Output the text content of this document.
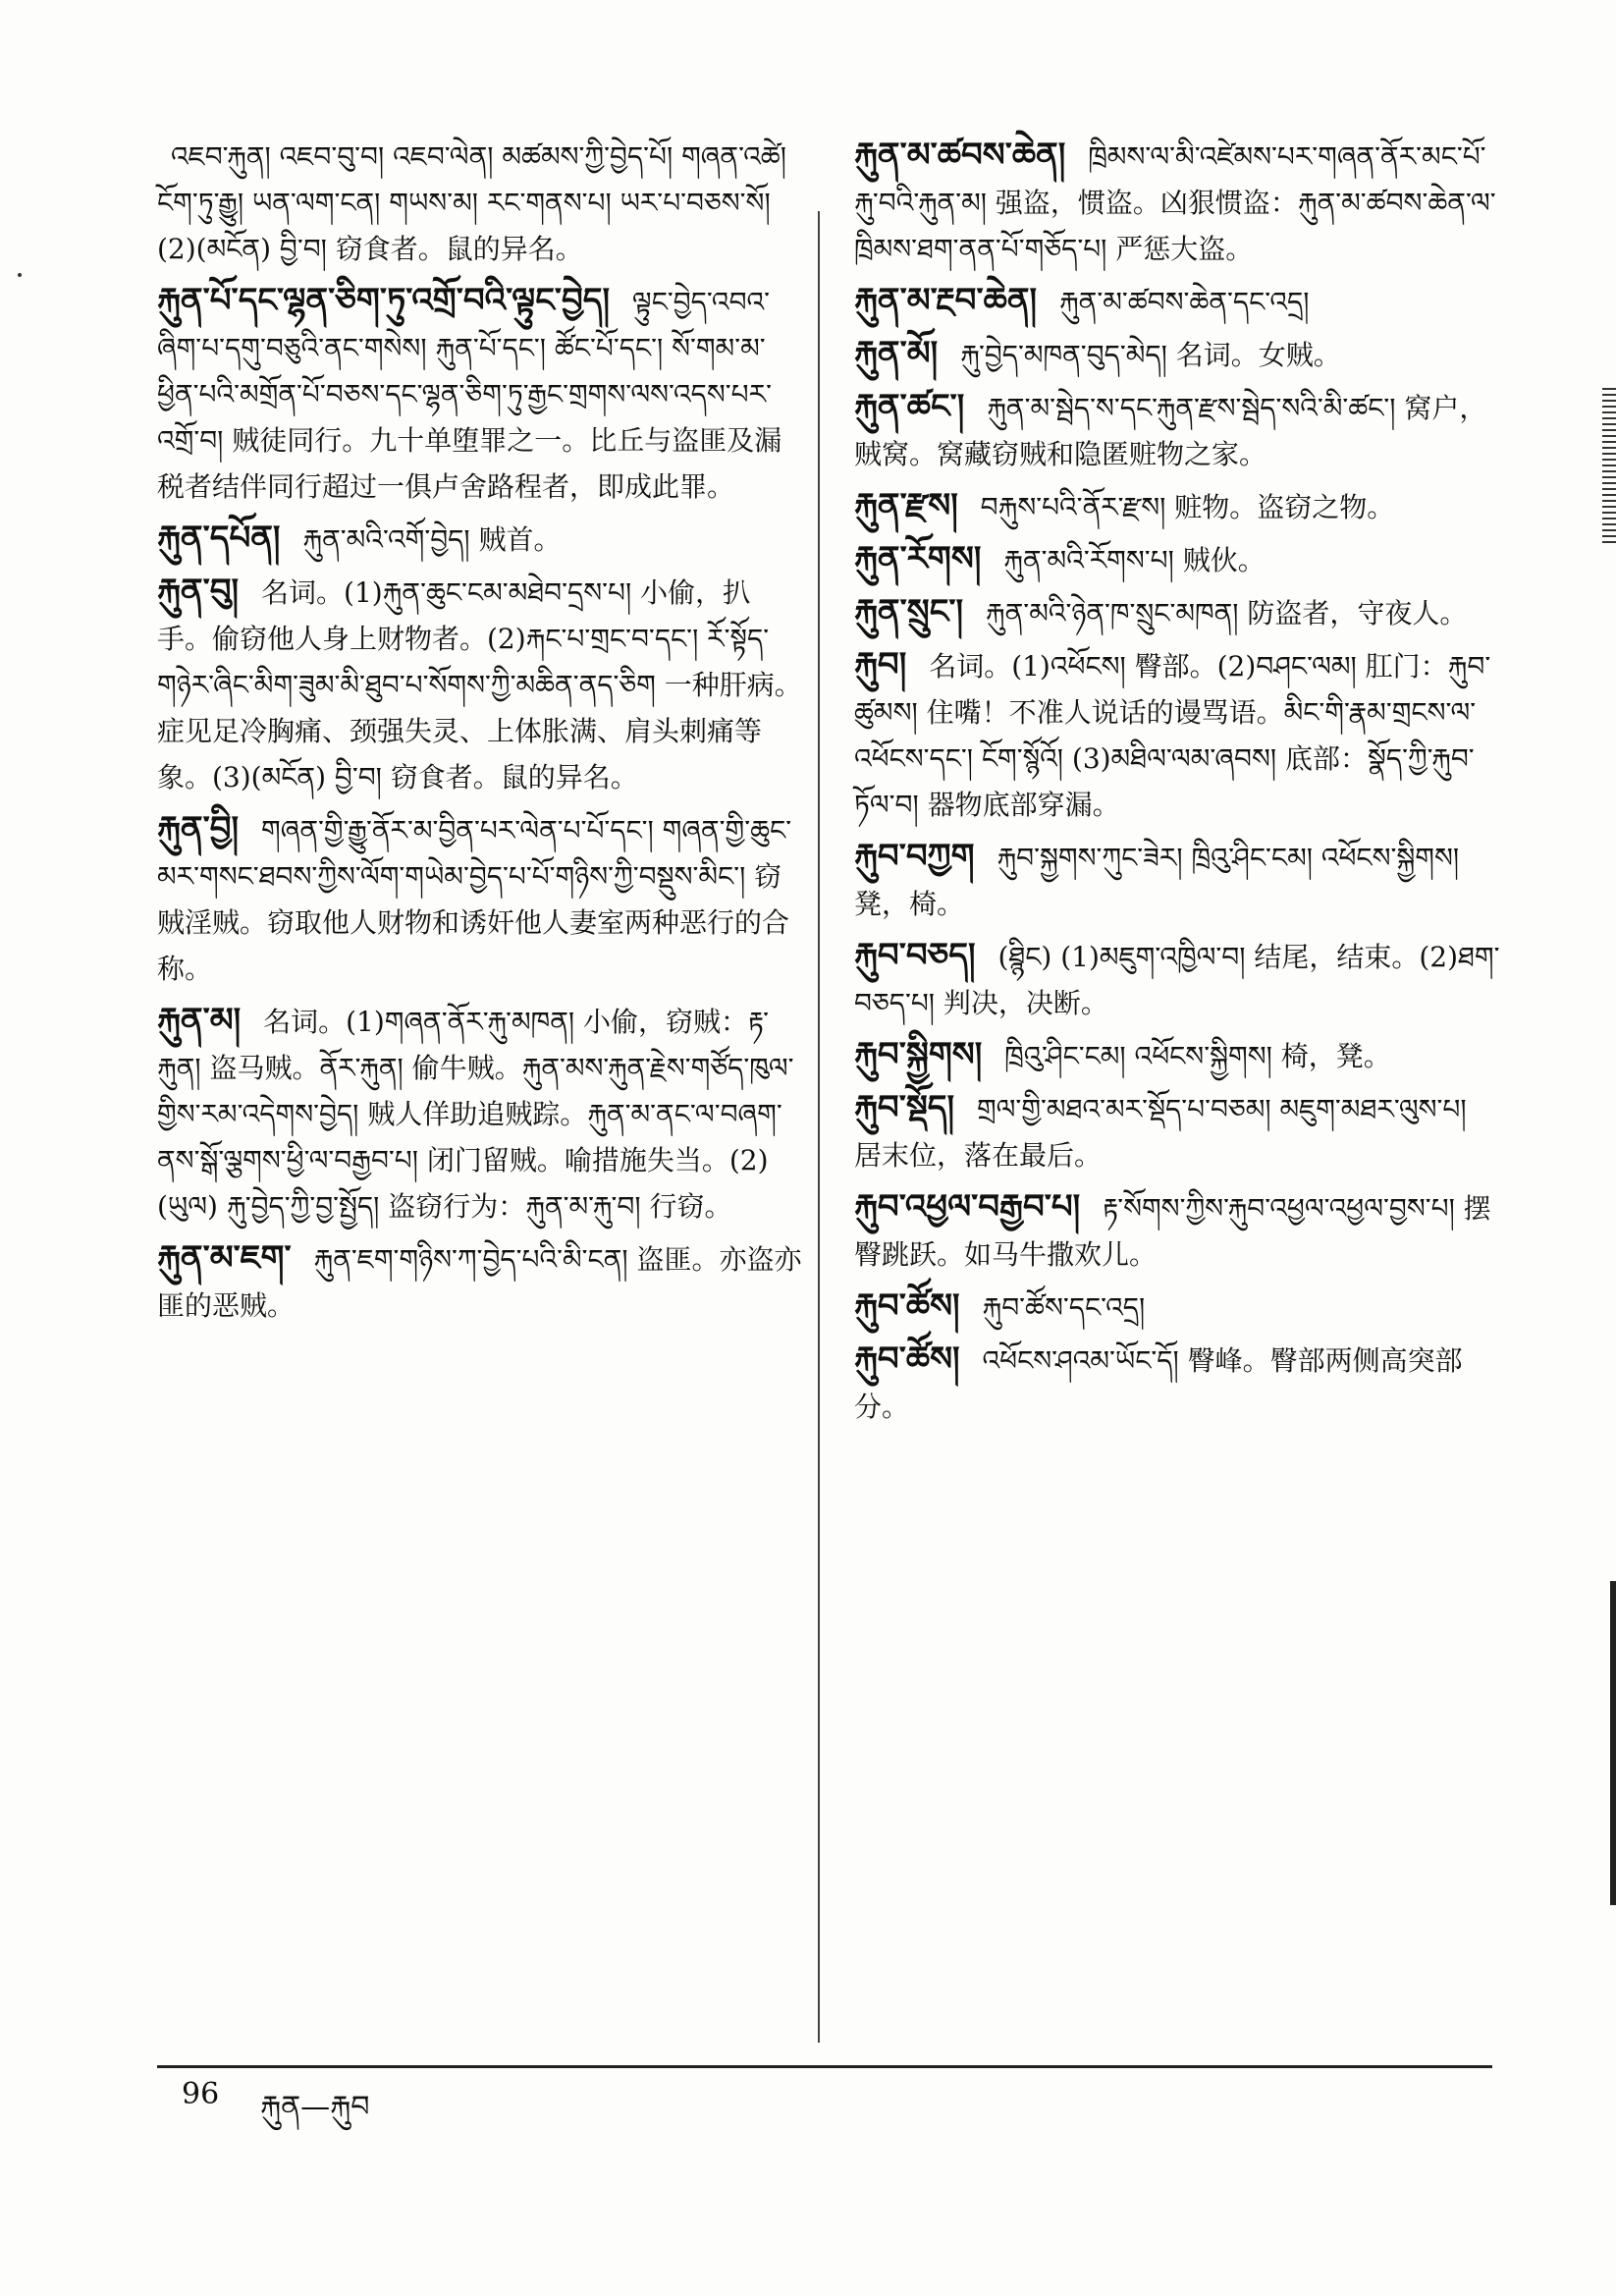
འཇབ་རྐུན། འཇབ་བུ་བ། འཇབ་ལེན། མཚམས་ཀྱི་བྱེད་པོ། གཞན་འཚེ། ངོག་ཏུ་རྒྱུ། ཡན་ལག་ངན། གཡས་མ། རང་གནས་པ། ཡར་པ་བཅས་སོ། (2)(མངོན) བྱི་བ། 窃食者。鼠的异名。
རྐུན་པོ་དང་ལྷན་ཅིག་ཏུ་འགྲོ་བའི་ལྟུང་བྱེད། ལྟུང་བྱེད་འབའ་ཞིག་པ་དགུ་བཅུའི་ནང་གསེས། རྐུན་པོ་དང་། ཚོང་པོ་དང་། སོ་གམ་མ་ཕྱིན་པའི་མགྲོན་པོ་བཅས་དང་ལྷན་ཅིག་ཏུ་རྒྱང་གྲགས་ལས་འདས་པར་འགྲོ་བ། 贼徒同行。九十单堕罪之一。比丘与盗匪及漏税者结伴同行超过一俱卢舍路程者，即成此罪。
རྐུན་དཔོན། རྐུན་མའི་འགོ་བྱེད། 贼首。
རྐུན་བུ། 名词。(1)རྐུན་ཆུང་ངམ་མཐེབ་དྲས་པ། 小偷，扒手。偷窃他人身上财物者。(2)རྐང་པ་གྲང་བ་དང་། རོ་སྟོད་གཉེར་ཞིང་མིག་ཟུམ་མི་ཐུབ་པ་སོགས་ཀྱི་མཆིན་ནད་ཅིག 一种肝病。症见足冷胸痛、颈强失灵、上体胀满、肩头刺痛等象。(3)(མངོན) བྱི་བ། 窃食者。鼠的异名。
རྐུན་བྱི། གཞན་གྱི་རྒྱུ་ནོར་མ་བྱིན་པར་ལེན་པ་པོ་དང་། གཞན་གྱི་ཆུང་མར་གསང་ཐབས་ཀྱིས་ལོག་གཡེམ་བྱེད་པ་པོ་གཉིས་ཀྱི་བསྡུས་མིང་། 窃贼淫贼。窃取他人财物和诱奸他人妻室两种恶行的合称。
རྐུན་མ། 名词。(1)གཞན་ནོར་རྐུ་མཁན། 小偷，窃贼：རྟ་རྐུན། 盗马贼。ནོར་རྐུན། 偷牛贼。རྐུན་མས་རྐུན་རྗེས་གཙོད་ཁུལ་གྱིས་རམ་འདེགས་བྱེད། 贼人佯助追贼踪。རྐུན་མ་ནང་ལ་བཞག་ནས་སྒོ་ལྕགས་ཕྱི་ལ་བརྒྱབ་པ། 闭门留贼。喻措施失当。(2)(ཡུལ) རྐུ་བྱེད་ཀྱི་བྱ་སྤྱོད། 盗窃行为：རྐུན་མ་རྐུ་བ། 行窃。
རྐུན་མ་ཇག་ རྐུན་ཇག་གཉིས་ཀ་བྱེད་པའི་མི་ངན། 盗匪。亦盗亦匪的恶贼。
རྐུན་མ་ཚབས་ཆེན། ཁྲིམས་ལ་མི་འཛེམས་པར་གཞན་ནོར་མང་པོ་རྐུ་བའི་རྐུན་མ། 强盗，惯盗。凶狠惯盗：རྐུན་མ་ཚབས་ཆེན་ལ་ཁྲིམས་ཐག་ནན་པོ་གཅོད་པ། 严惩大盗。
རྐུན་མ་རྔབ་ཆེན། རྐུན་མ་ཚབས་ཆེན་དང་འདྲ།
རྐུན་མོ། རྐུ་བྱེད་མཁན་བུད་མེད། 名词。女贼。
རྐུན་ཚང་། རྐུན་མ་སྦེད་ས་དང་རྐུན་རྫས་སྦེད་སའི་མི་ཚང་། 窝户，贼窝。窝藏窃贼和隐匿赃物之家。
རྐུན་རྫས། བརྐུས་པའི་ནོར་རྫས། 赃物。盗窃之物。
རྐུན་རོགས། རྐུན་མའི་རོགས་པ། 贼伙。
རྐུན་སྲུང་། རྐུན་མའི་ཉེན་ཁ་སྲུང་མཁན། 防盗者，守夜人。
རྐུབ། 名词。(1)འཕོངས། 臀部。(2)བཤང་ལམ། 肛门：རྐུབ་ཚུམས། 住嘴！不准人说话的谩骂语。མིང་གི་རྣམ་གྲངས་ལ་འཕོངས་དང་། ངོག་སྙོའོ། (3)མཐིལ་ལམ་ཞབས། 底部：སྣོད་ཀྱི་རྐུབ་ཏོལ་བ། 器物底部穿漏。
རྐུབ་བཀྱག རྐུབ་སྐྱགས་ཀུང་ཟེར། ཁྲིའུ་ཤིང་ངམ། འཕོངས་སྐྱིགས། 凳，椅。
རྐུབ་བཅད། (ཐྙིང) (1)མཇུག་འཁྱིལ་བ། 结尾，结束。(2)ཐག་བཅད་པ། 判决，决断。
རྐུབ་སྐྱིགས། ཁྲིའུ་ཤིང་ངམ། འཕོངས་སྐྱིགས། 椅，凳。
རྐུབ་སྡོད། གྲལ་གྱི་མཐའ་མར་སྡོད་པ་བཅམ། མཇུག་མཐར་ལུས་པ། 居末位，落在最后。
རྐུབ་འཕྱལ་བརྒྱབ་པ། རྟ་སོགས་ཀྱིས་རྐུབ་འཕྱལ་འཕྱལ་བྱས་པ། 摆臀跳跃。如马牛撒欢儿。
རྐུབ་ཚོས། རྐུབ་ཚོས་དང་འདྲ།
རྐུབ་ཚོས། འཕོངས་ཤའམ་ཡོང་དོ། 臀峰。臀部两侧高突部分。
96 རྐུན—རྐུབ
